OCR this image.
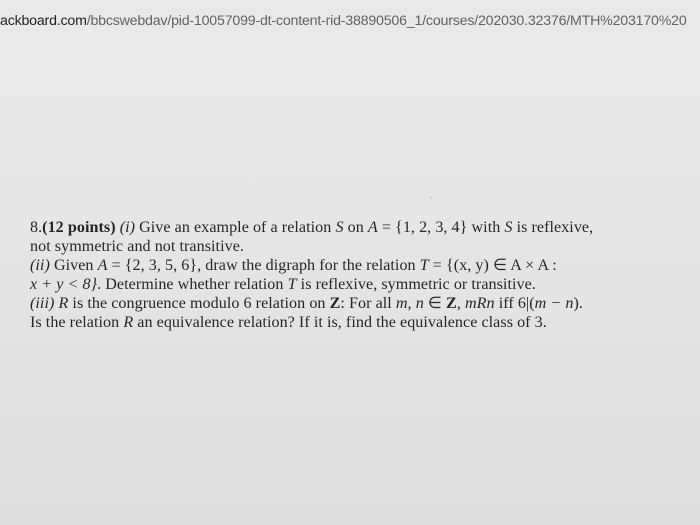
ackboard.com/bbcswebdav/pid-10057099-dt-content-rid-38890506_1/courses/202030.32376/MTH%203170%20
8.(12 points) (i) Give an example of a relation S on A = {1, 2, 3, 4} with S is reflexive,
not symmetric and not transitive.
(ii) Given A = {2, 3, 5, 6}, draw the digraph for the relation T = {(x, y) ∈ A × A :
x + y < 8}. Determine whether relation T is reflexive, symmetric or transitive.
(iii) R is the congruence modulo 6 relation on Z: For all m, n ∈ Z, mRn iff 6|(m − n).
Is the relation R an equivalence relation? If it is, find the equivalence class of 3.
